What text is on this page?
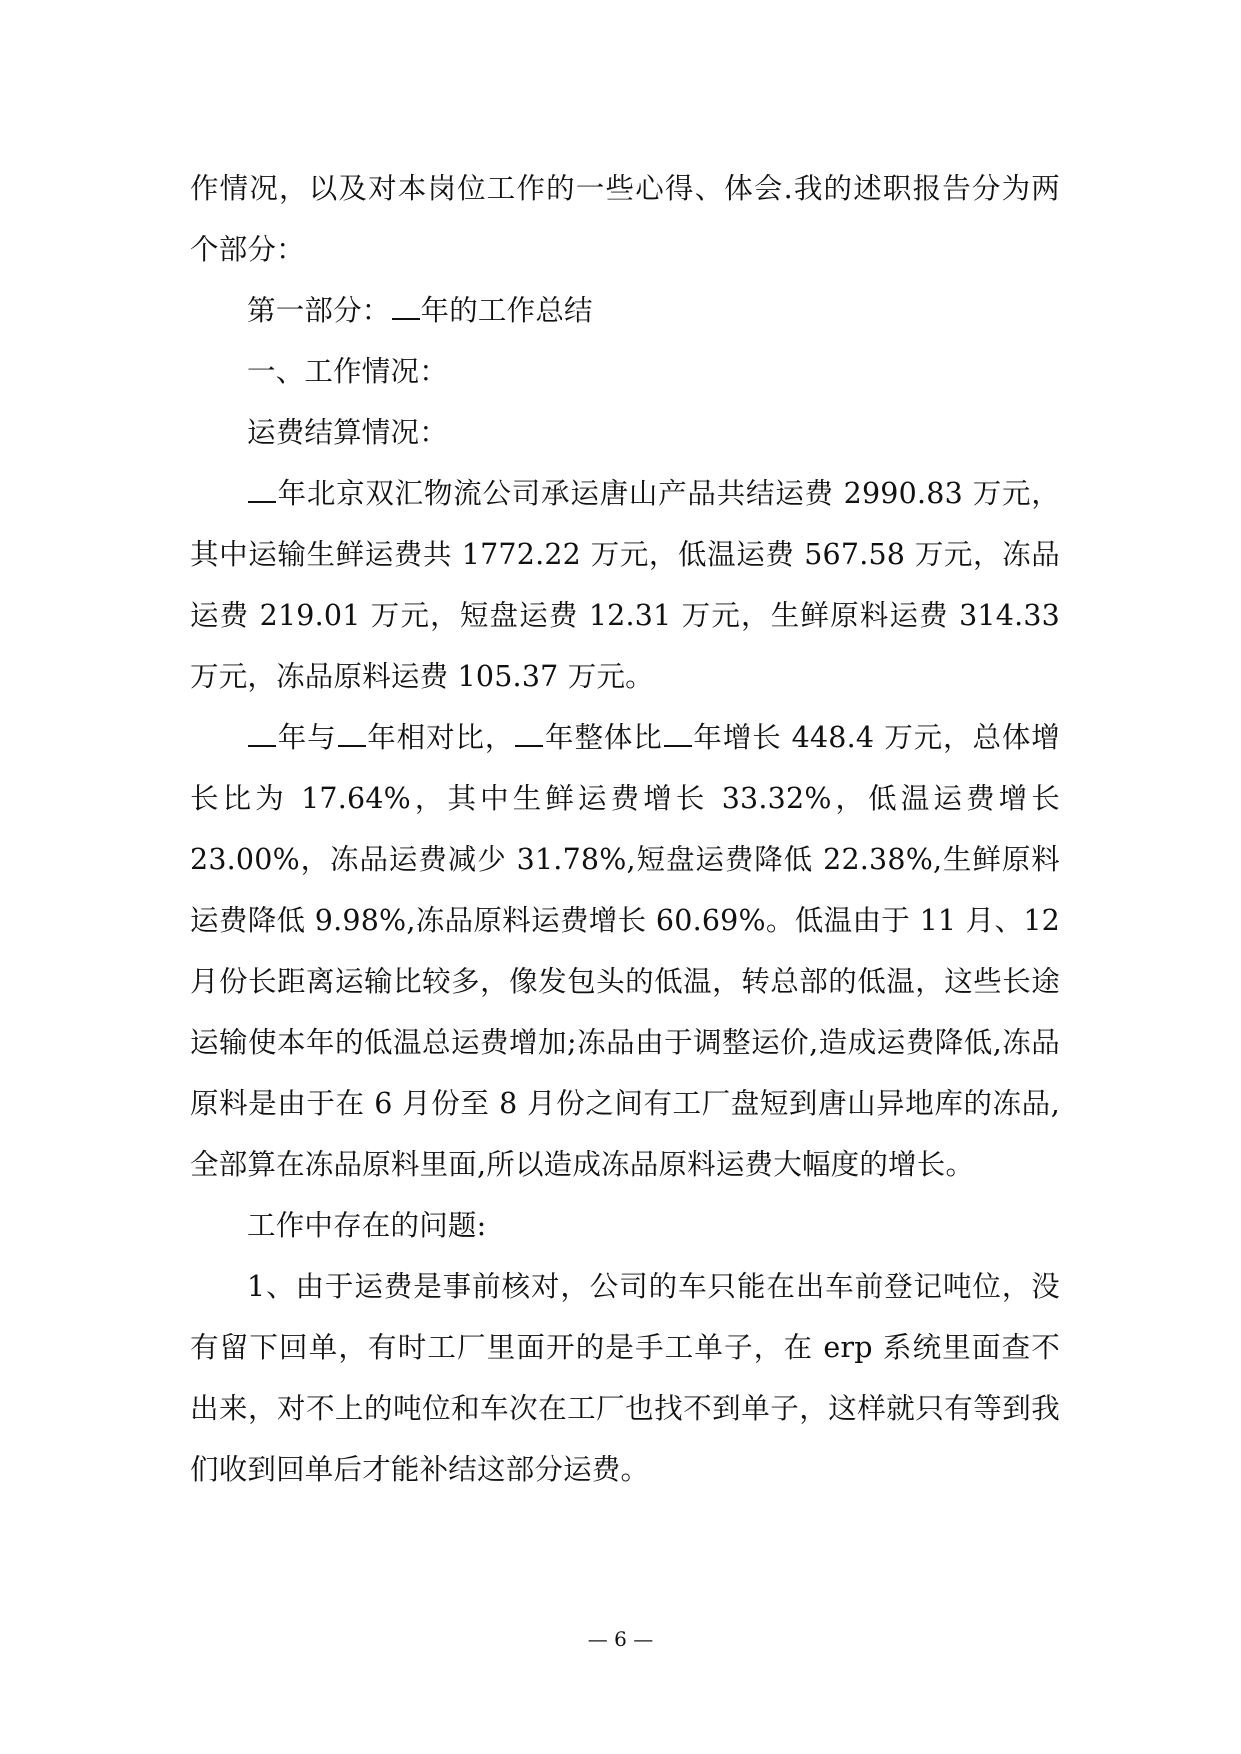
作情况，以及对本岗位工作的一些心得、体会.我的述职报告分为两个部分：

第一部分： 年的工作总结

一、工作情况：

运费结算情况：

年北京双汇物流公司承运唐山产品共结运费 2990.83 万元，其中运输生鲜运费共 1772.22 万元，低温运费 567.58 万元，冻品运费 219.01 万元，短盘运费 12.31 万元，生鲜原料运费 314.33 万元，冻品原料运费 105.37 万元。

年与 年相对比， 年整体比 年增长 448.4 万元，总体增长比为 17.64%，其中生鲜运费增长 33.32%，低温运费增长 23.00%，冻品运费减少 31.78%,短盘运费降低 22.38%,生鲜原料运费降低 9.98%,冻品原料运费增长 60.69%。低温由于 11 月、12 月份长距离运输比较多，像发包头的低温，转总部的低温，这些长途运输使本年的低温总运费增加;冻品由于调整运价,造成运费降低,冻品原料是由于在 6 月份至 8 月份之间有工厂盘短到唐山异地库的冻品,全部算在冻品原料里面,所以造成冻品原料运费大幅度的增长。

工作中存在的问题:

1、由于运费是事前核对，公司的车只能在出车前登记吨位，没有留下回单，有时工厂里面开的是手工单子，在 erp 系统里面查不出来，对不上的吨位和车次在工厂也找不到单子，这样就只有等到我们收到回单后才能补结这部分运费。

— 6 —
